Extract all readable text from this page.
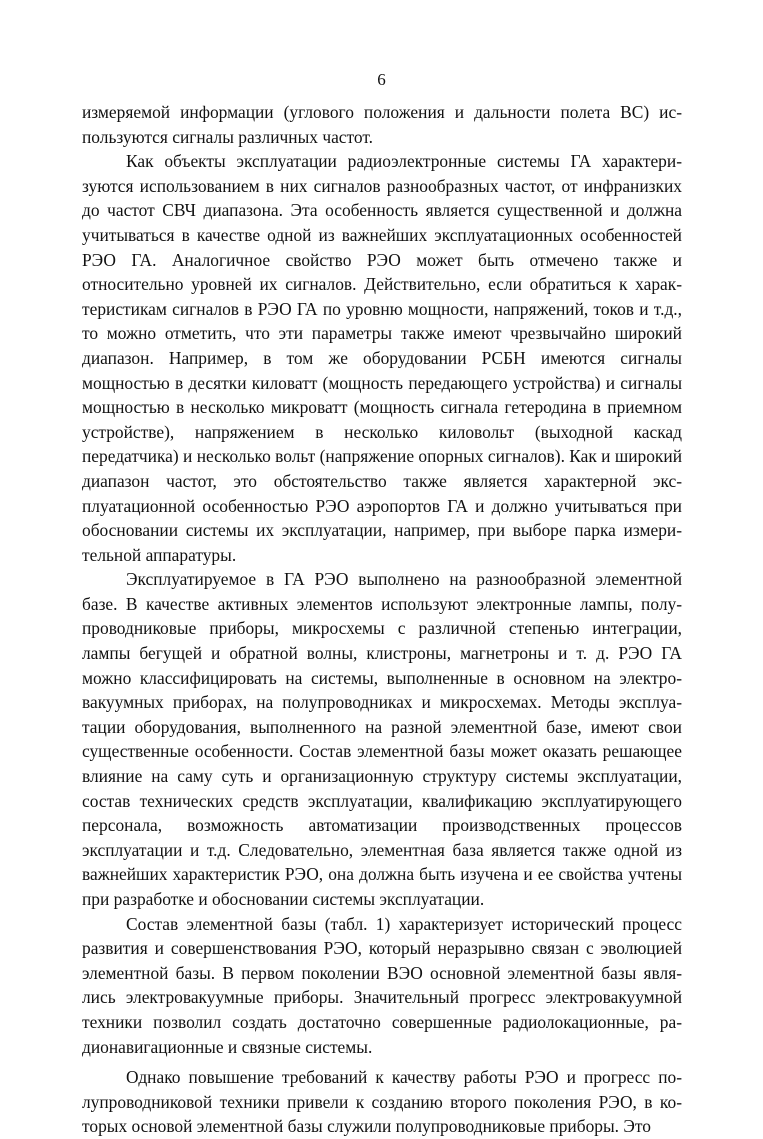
6

измеряемой информации (углового положения и дальности полета ВС) используются сигналы различных частот.

Как объекты эксплуатации радиоэлектронные системы ГА характеризуются использованием в них сигналов разнообразных частот, от инфранизких до частот СВЧ диапазона. Эта особенность является существенной и должна учитываться в качестве одной из важнейших эксплуатационных особенностей РЭО ГА. Аналогичное свойство РЭО может быть отмечено также и относительно уровней их сигналов. Действительно, если обратиться к характеристикам сигналов в РЭО ГА по уровню мощности, напряжений, токов и т.д., то можно отметить, что эти параметры также имеют чрезвычайно широкий диапазон. Например, в том же оборудовании РСБН имеются сигналы мощностью в десятки киловатт (мощность передающего устройства) и сигналы мощностью в несколько микроватт (мощность сигнала гетеродина в приемном устройстве), напряжением в несколько киловольт (выходной каскад передатчика) и несколько вольт (напряжение опорных сигналов). Как и широкий диапазон частот, это обстоятельство также является характерной эксплуатационной особенностью РЭО аэропортов ГА и должно учитываться при обосновании системы их эксплуатации, например, при выборе парка измерительной аппаратуры.

Эксплуатируемое в ГА РЭО выполнено на разнообразной элементной базе. В качестве активных элементов используют электронные лампы, полупроводниковые приборы, микросхемы с различной степенью интеграции, лампы бегущей и обратной волны, клистроны, магнетроны и т. д. РЭО ГА можно классифицировать на системы, выполненные в основном на электровакуумных приборах, на полупроводниках и микросхемах. Методы эксплуатации оборудования, выполненного на разной элементной базе, имеют свои существенные особенности. Состав элементной базы может оказать решающее влияние на саму суть и организационную структуру системы эксплуатации, состав технических средств эксплуатации, квалификацию эксплуатирующего персонала, возможность автоматизации производственных процессов эксплуатации и т.д. Следовательно, элементная база является также одной из важнейших характеристик РЭО, она должна быть изучена и ее свойства учтены при разработке и обосновании системы эксплуатации.

Состав элементной базы (табл. 1) характеризует исторический процесс развития и совершенствования РЭО, который неразрывно связан с эволюцией элементной базы. В первом поколении ВЭО основной элементной базы являлись электровакуумные приборы. Значительный прогресс электровакуумной техники позволил создать достаточно совершенные радиолокационные, радионавигационные и связные системы.

Однако повышение требований к качеству работы РЭО и прогресс полупроводниковой техники привели к созданию второго поколения РЭО, в которых основой элементной базы служили полупроводниковые приборы. Это
